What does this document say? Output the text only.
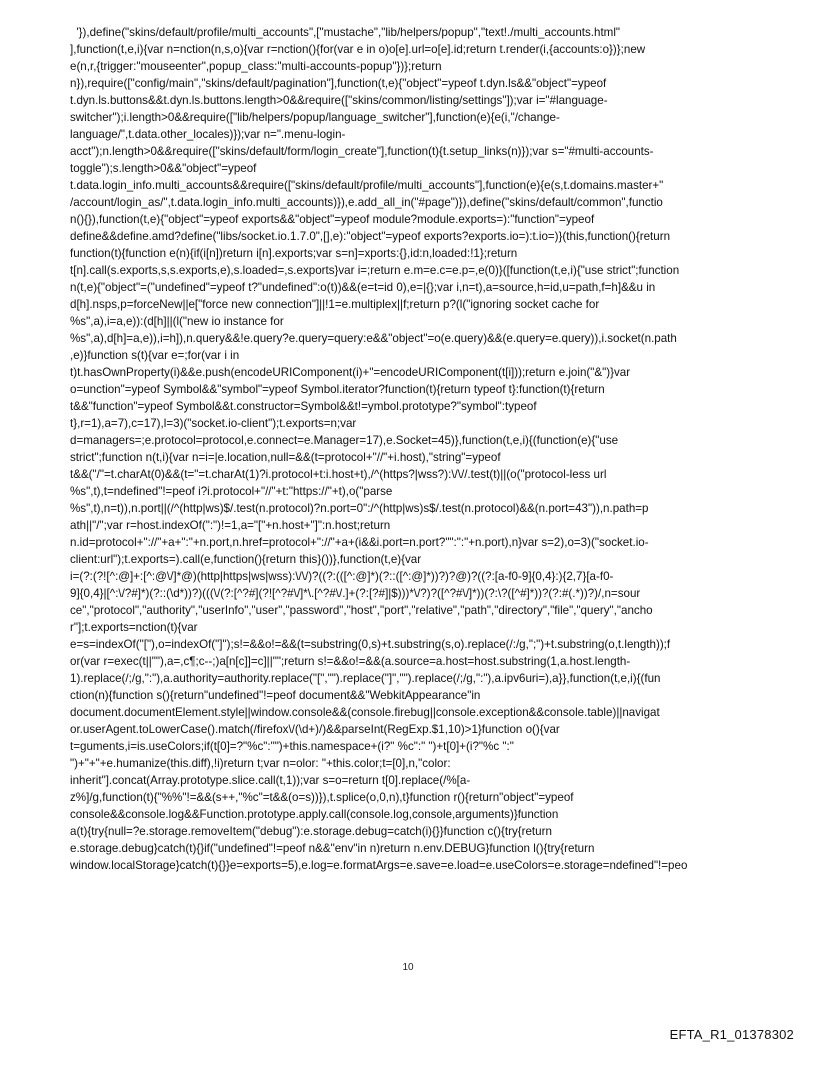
'}),define("skins/default/profile/multi_accounts",["mustache","lib/helpers/popup","text!./multi_accounts.html"
],function(t,e,i){var n=nction(n,s,o){var r=nction(){for(var e in o)o[e].url=o[e].id;return t.render(i,{accounts:o})};new
e(n,r,{trigger:"mouseenter",popup_class:"multi-accounts-popup"})};return
n}),require(["config/main","skins/default/pagination"],function(t,e){"object"=ypeof t.dyn.ls&&"object"=ypeof
t.dyn.ls.buttons&&t.dyn.ls.buttons.length>0&&require(["skins/common/listing/settings"]);var i="#language-
switcher");i.length>0&&require(["lib/helpers/popup/language_switcher"],function(e){e(i,"/change-
language/",t.data.other_locales)});var n=".menu-login-
acct");n.length>0&&require(["skins/default/form/login_create"],function(t){t.setup_links(n)});var s="#multi-accounts-
toggle");s.length>0&&"object"=ypeof
t.data.login_info.multi_accounts&&require(["skins/default/profile/multi_accounts"],function(e){e(s,t.domains.master+"
/account/login_as/",t.data.login_info.multi_accounts)}),e.add_all_in("#page")}),define("skins/default/common",functio
n(){}),function(t,e){"object"=ypeof exports&&"object"=ypeof module?module.exports=):"function"=ypeof
define&&define.amd?define("libs/socket.io.1.7.0",[],e):"object"=ypeof exports?exports.io=):t.io=)}(this,function(){return
function(t){function e(n){if(i[n])return i[n].exports;var s=n]=xports:{},id:n,loaded:!1};return
t[n].call(s.exports,s,s.exports,e),s.loaded=,s.exports}var i=;return e.m=e.c=e.p=,e(0)}([function(t,e,i){"use strict";function
n(t,e){"object"=("undefined"=ypeof t?"undefined":o(t))&&(e=t=id 0),e=|{};var i,n=t),a=source,h=id,u=path,f=h]&&u in
d[h].nsps,p=forceNew||e["force new connection"]||!1=e.multiplex||f;return p?(l("ignoring socket cache for
%s",a),i=a,e)):(d[h]||(l("new io instance for
%s",a),d[h]=a,e)),i=h]),n.query&&!e.query?e.query=query:e&&"object"=o(e.query)&&(e.query=e.query)),i.socket(n.path
,e)}function s(t){var e=;for(var i in
t)t.hasOwnProperty(i)&&e.push(encodeURIComponent(i)+"=encodeURIComponent(t[i]));return e.join("&")}var
o=unction"=ypeof Symbol&&"symbol"=ypeof Symbol.iterator?function(t){return typeof t}:function(t){return
t&&"function"=ypeof Symbol&&t.constructor=Symbol&&t!=ymbol.prototype?"symbol":typeof
t},r=1),a=7),c=17),l=3)("socket.io-client");t.exports=n;var
d=managers=;e.protocol=protocol,e.connect=e.Manager=17),e.Socket=45)},function(t,e,i){(function(e){"use
strict";function n(t,i){var n=i=|e.location,null=&&(t=protocol+"//"+i.host),"string"=ypeof
t&&("/"=t.charAt(0)&&(t="=t.charAt(1)?i.protocol+t:i.host+t),/^(https?|wss?):\/\//.test(t)||(o("protocol-less url
%s",t),t=ndefined"!=peof i?i.protocol+"//"+t:"https://"+t),o("parse
%s",t),n=t)),n.port||(/^(http|ws)$/.test(n.protocol)?n.port=0":/^(http|ws)s$/.test(n.protocol)&&(n.port=43")),n.path=p
ath||"/";var r=host.indexOf(":")!=1,a="["+n.host+"]":n.host;return
n.id=protocol+"://"+a+":"+n.port,n.href=protocol+"://"+a+(i&&i.port=n.port?"":":"+n.port),n}var s=2),o=3)("socket.io-
client:url");t.exports=).call(e,function(){return this}())},function(t,e){var
i=(?:(?![^:@]+:[^:@\/]*@)(http|https|ws|wss):\/\/)?((?:(([^:@]*)(?::([^:@]*))?)?@)?((?:[a-f0-9]{0,4}:){2,7}[a-f0-
9]{0,4}|[^:\/?#]*)(?::(\d*))?)(((\/(?:[^?#](?![^?#\/]*\.[^?#\/.]+(?:[?#]|$)))*\/?)?([^?#\/]*))(?:\?([^#]*))?(?:#(.*))?)/,n=sour
ce","protocol","authority","userInfo","user","password","host","port","relative","path","directory","file","query","ancho
r"];t.exports=nction(t){var
e=s=indexOf("["),o=indexOf("]");s!=&&o!=&&(t=substring(0,s)+t.substring(s,o).replace(/:/g,";")+t.substring(o,t.length));f
or(var r=exec(t||""),a=,c¶;c--;)a[n[c]]=c]||"";return s!=&&o!=&&(a.source=a.host=host.substring(1,a.host.length-
1).replace(/;/g,":"),a.authority=authority.replace("[","").replace("]","").replace(/;/g,":"),a.ipv6uri=),a}},function(t,e,i){(fun
ction(n){function s(){return"undefined"!=peof document&&"WebkitAppearance"in
document.documentElement.style||window.console&&(console.firebug||console.exception&&console.table)||navigat
or.userAgent.toLowerCase().match(/firefox\/(\d+)/)&&parseInt(RegExp.$1,10)>1}function o(){var
t=guments,i=is.useColors;if(t[0]=?"%c":"")+this.namespace+(i?" %c":" ")+t[0]+(i?"%c ":"
")+"+"+e.humanize(this.diff),!i)return t;var n=olor: "+this.color;t=[0],n,"color:
inherit"].concat(Array.prototype.slice.call(t,1));var s=o=return t[0].replace(/%[a-
z%]/g,function(t){"%%"!=&&(s++,"%c"=t&&(o=s))}),t.splice(o,0,n),t}function r(){return"object"=ypeof
console&&console.log&&Function.prototype.apply.call(console.log,console,arguments)}function
a(t){try{null=?e.storage.removeItem("debug"):e.storage.debug=catch(i){}}function c(){try{return
e.storage.debug}catch(t){}if("undefined"!=peof n&&"env"in n)return n.env.DEBUG}function l(){try{return
window.localStorage}catch(t){}}e=exports=5),e.log=e.formatArgs=e.save=e.load=e.useColors=e.storage=ndefined"!=peo
10
EFTA_R1_01378302
